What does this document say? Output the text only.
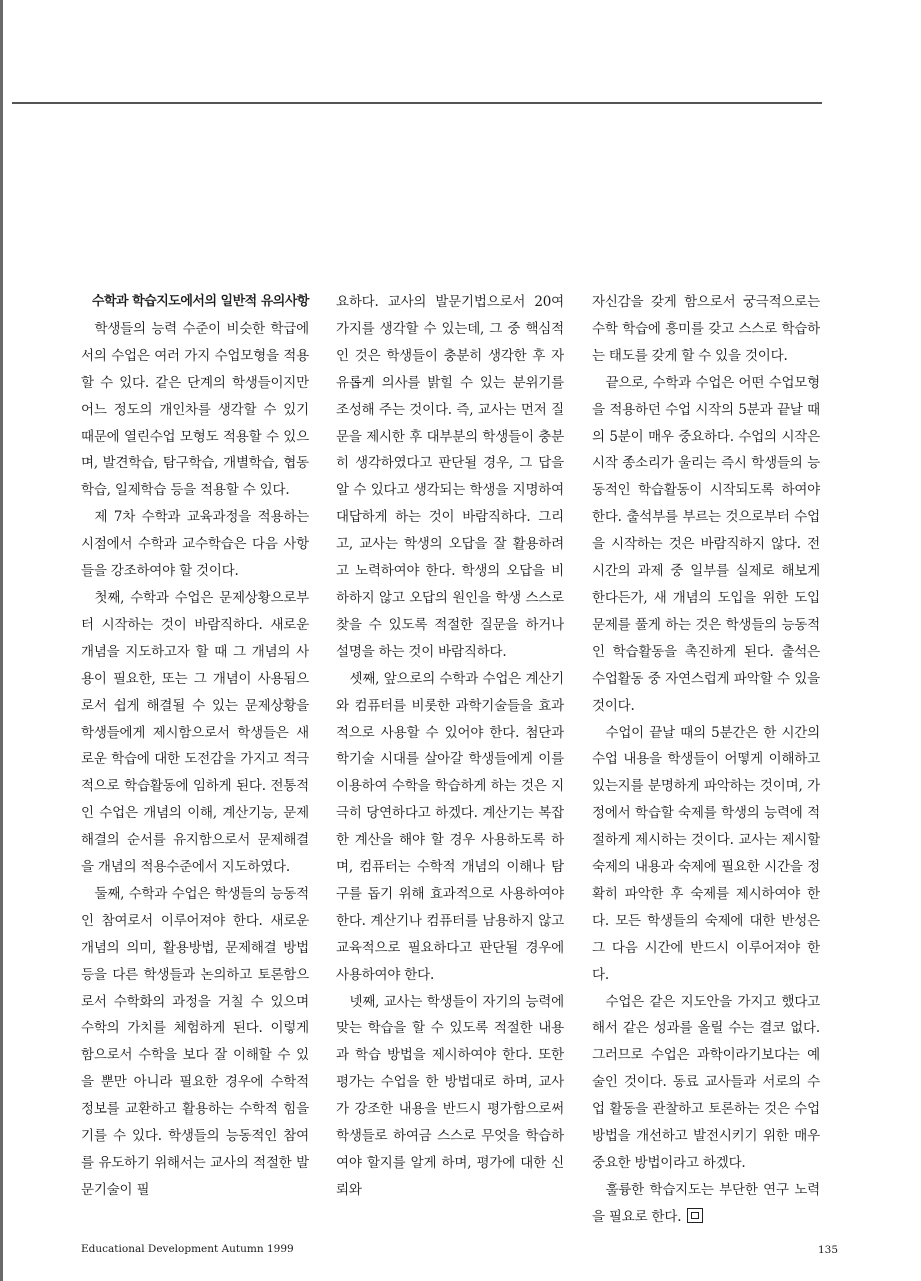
수학과 학습지도에서의 일반적 유의사항

학생들의 능력 수준이 비슷한 학급에서의 수업은 여러 가지 수업모형을 적용할 수 있다. 같은 단계의 학생들이지만 어느 정도의 개인차를 생각할 수 있기 때문에 열린수업 모형도 적용할 수 있으며, 발견학습, 탐구학습, 개별학습, 협동학습, 일제학습 등을 적용할 수 있다.

제 7차 수학과 교육과정을 적용하는 시점에서 수학과 교수학습은 다음 사항들을 강조하여야 할 것이다.

첫째, 수학과 수업은 문제상황으로부터 시작하는 것이 바람직하다. 새로운 개념을 지도하고자 할 때 그 개념의 사용이 필요한, 또는 그 개념이 사용됨으로서 쉽게 해결될 수 있는 문제상황을 학생들에게 제시함으로서 학생들은 새로운 학습에 대한 도전감을 가지고 적극적으로 학습활동에 임하게 된다. 전통적인 수업은 개념의 이해, 계산기능, 문제해결의 순서를 유지함으로서 문제해결을 개념의 적용수준에서 지도하였다.

둘째, 수학과 수업은 학생들의 능동적인 참여로서 이루어져야 한다. 새로운 개념의 의미, 활용방법, 문제해결 방법 등을 다른 학생들과 논의하고 토론함으로서 수학화의 과정을 거칠 수 있으며 수학의 가치를 체험하게 된다. 이렇게 함으로서 수학을 보다 잘 이해할 수 있을 뿐만 아니라 필요한 경우에 수학적 정보를 교환하고 활용하는 수학적 힘을 기를 수 있다. 학생들의 능동적인 참여를 유도하기 위해서는 교사의 적절한 발문기술이 필

요하다. 교사의 발문기법으로서 20여 가지를 생각할 수 있는데, 그 중 핵심적인 것은 학생들이 충분히 생각한 후 자유롭게 의사를 밝힐 수 있는 분위기를 조성해 주는 것이다. 즉, 교사는 먼저 질문을 제시한 후 대부분의 학생들이 충분히 생각하였다고 판단될 경우, 그 답을 알 수 있다고 생각되는 학생을 지명하여 대답하게 하는 것이 바람직하다. 그리고, 교사는 학생의 오답을 잘 활용하려고 노력하여야 한다. 학생의 오답을 비하하지 않고 오답의 원인을 학생 스스로 찾을 수 있도록 적절한 질문을 하거나 설명을 하는 것이 바람직하다.

셋째, 앞으로의 수학과 수업은 계산기와 컴퓨터를 비롯한 과학기술들을 효과적으로 사용할 수 있어야 한다. 첨단과학기술 시대를 살아갈 학생들에게 이를 이용하여 수학을 학습하게 하는 것은 지극히 당연하다고 하겠다. 계산기는 복잡한 계산을 해야 할 경우 사용하도록 하며, 컴퓨터는 수학적 개념의 이해나 탐구를 돕기 위해 효과적으로 사용하여야 한다. 계산기나 컴퓨터를 남용하지 않고 교육적으로 필요하다고 판단될 경우에 사용하여야 한다.

넷째, 교사는 학생들이 자기의 능력에 맞는 학습을 할 수 있도록 적절한 내용과 학습 방법을 제시하여야 한다. 또한 평가는 수업을 한 방법대로 하며, 교사가 강조한 내용을 반드시 평가함으로써 학생들로 하여금 스스로 무엇을 학습하여야 할지를 알게 하며, 평가에 대한 신뢰와

자신감을 갖게 함으로서 궁극적으로는 수학 학습에 흥미를 갖고 스스로 학습하는 태도를 갖게 할 수 있을 것이다.

끝으로, 수학과 수업은 어떤 수업모형을 적용하던 수업 시작의 5분과 끝날 때의 5분이 매우 중요하다. 수업의 시작은 시작 종소리가 울리는 즉시 학생들의 능동적인 학습활동이 시작되도록 하여야 한다. 출석부를 부르는 것으로부터 수업을 시작하는 것은 바람직하지 않다. 전시간의 과제 중 일부를 실제로 해보게 한다든가, 새 개념의 도입을 위한 도입문제를 풀게 하는 것은 학생들의 능동적인 학습활동을 촉진하게 된다. 출석은 수업활동 중 자연스럽게 파악할 수 있을 것이다.

수업이 끝날 때의 5분간은 한 시간의 수업 내용을 학생들이 어떻게 이해하고 있는지를 분명하게 파악하는 것이며, 가정에서 학습할 숙제를 학생의 능력에 적절하게 제시하는 것이다. 교사는 제시할 숙제의 내용과 숙제에 필요한 시간을 정확히 파악한 후 숙제를 제시하여야 한다. 모든 학생들의 숙제에 대한 반성은 그 다음 시간에 반드시 이루어져야 한다.

수업은 같은 지도안을 가지고 했다고 해서 같은 성과를 올릴 수는 결코 없다. 그러므로 수업은 과학이라기보다는 예술인 것이다. 동료 교사들과 서로의 수업 활동을 관찰하고 토론하는 것은 수업 방법을 개선하고 발전시키기 위한 매우 중요한 방법이라고 하겠다.

훌륭한 학습지도는 부단한 연구 노력을 필요로 한다.

Educational Development Autumn 1999	135
